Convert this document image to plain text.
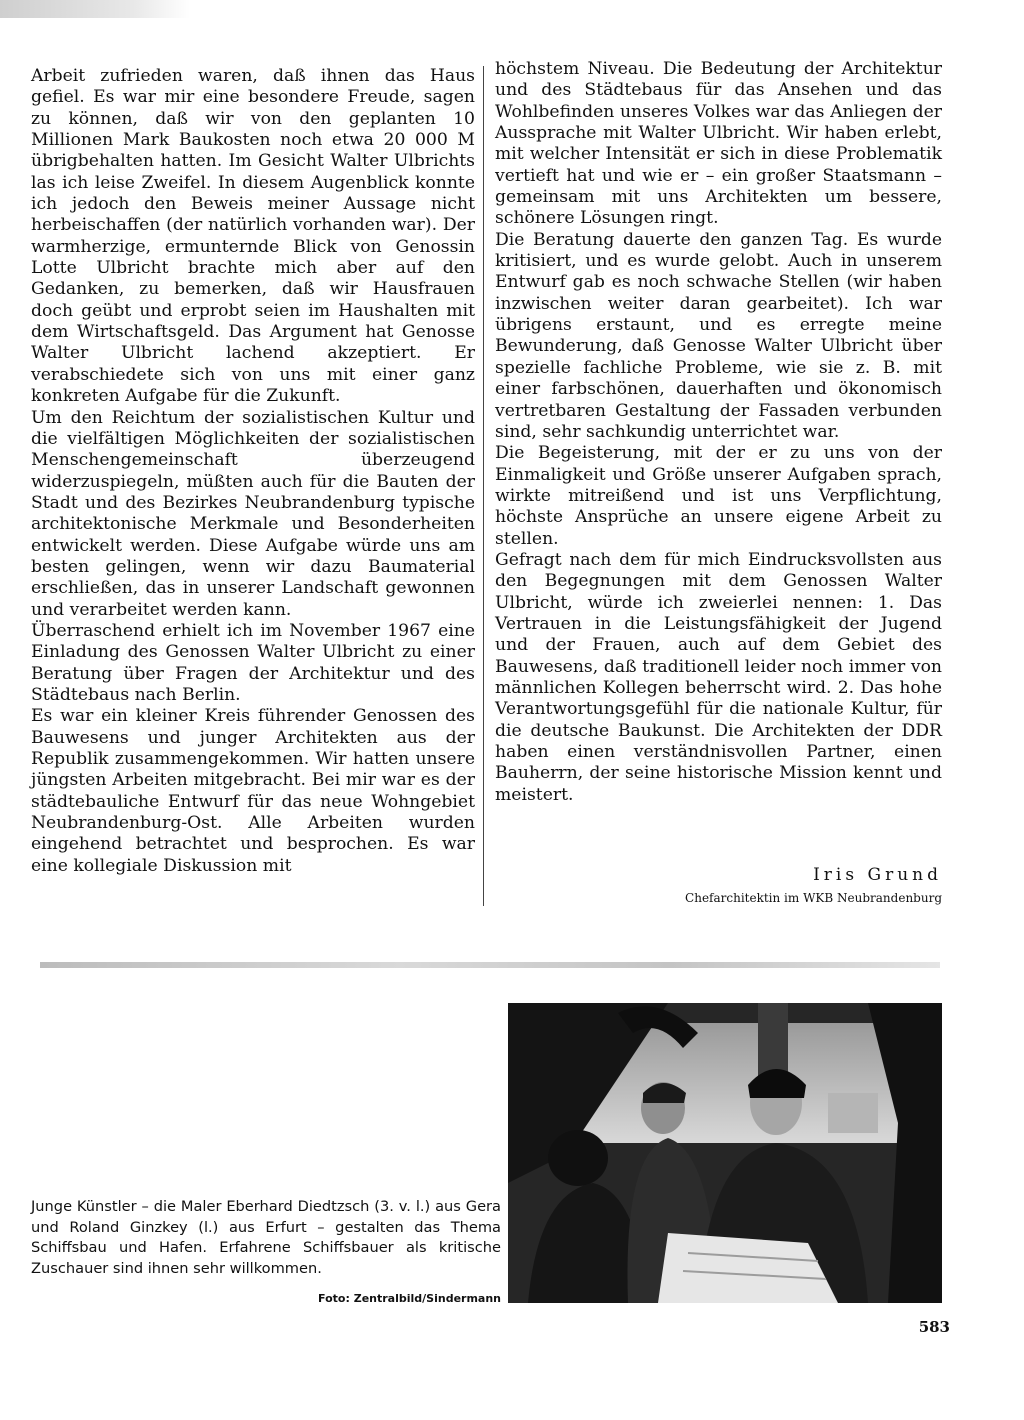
Arbeit zufrieden waren, daß ihnen das Haus gefiel. Es war mir eine besondere Freude, sagen zu können, daß wir von den geplanten 10 Millionen Mark Baukosten noch etwa 20 000 M übrigbehalten hatten. Im Gesicht Walter Ulbrichts las ich leise Zweifel. In diesem Augenblick konnte ich jedoch den Beweis meiner Aussage nicht herbeischaffen (der natürlich vorhanden war). Der warmherzige, ermunternde Blick von Genossin Lotte Ulbricht brachte mich aber auf den Gedanken, zu bemerken, daß wir Hausfrauen doch geübt und erprobt seien im Haushalten mit dem Wirtschaftsgeld. Das Argument hat Genosse Walter Ulbricht lachend akzeptiert. Er verabschiedete sich von uns mit einer ganz konkreten Aufgabe für die Zukunft.

Um den Reichtum der sozialistischen Kultur und die vielfältigen Möglichkeiten der sozialistischen Menschengemeinschaft überzeugend widerzuspiegeln, müßten auch für die Bauten der Stadt und des Bezirkes Neubrandenburg typische architektonische Merkmale und Besonderheiten entwickelt werden. Diese Aufgabe würde uns am besten gelingen, wenn wir dazu Baumaterial erschließen, das in unserer Landschaft gewonnen und verarbeitet werden kann.

Überraschend erhielt ich im November 1967 eine Einladung des Genossen Walter Ulbricht zu einer Beratung über Fragen der Architektur und des Städtebaus nach Berlin.

Es war ein kleiner Kreis führender Genossen des Bauwesens und junger Architekten aus der Republik zusammengekommen. Wir hatten unsere jüngsten Arbeiten mitgebracht. Bei mir war es der städtebauliche Entwurf für das neue Wohngebiet Neubrandenburg-Ost. Alle Arbeiten wurden eingehend betrachtet und besprochen. Es war eine kollegiale Diskussion mit

höchstem Niveau. Die Bedeutung der Architektur und des Städtebaus für das Ansehen und das Wohlbefinden unseres Volkes war das Anliegen der Aussprache mit Walter Ulbricht. Wir haben erlebt, mit welcher Intensität er sich in diese Problematik vertieft hat und wie er – ein großer Staatsmann – gemeinsam mit uns Architekten um bessere, schönere Lösungen ringt.

Die Beratung dauerte den ganzen Tag. Es wurde kritisiert, und es wurde gelobt. Auch in unserem Entwurf gab es noch schwache Stellen (wir haben inzwischen weiter daran gearbeitet). Ich war übrigens erstaunt, und es erregte meine Bewunderung, daß Genosse Walter Ulbricht über spezielle fachliche Probleme, wie sie z. B. mit einer farbschönen, dauerhaften und ökonomisch vertretbaren Gestaltung der Fassaden verbunden sind, sehr sachkundig unterrichtet war.

Die Begeisterung, mit der er zu uns von der Einmaligkeit und Größe unserer Aufgaben sprach, wirkte mitreißend und ist uns Verpflichtung, höchste Ansprüche an unsere eigene Arbeit zu stellen.

Gefragt nach dem für mich Eindrucksvollsten aus den Begegnungen mit dem Genossen Walter Ulbricht, würde ich zweierlei nennen: 1. Das Vertrauen in die Leistungsfähigkeit der Jugend und der Frauen, auch auf dem Gebiet des Bauwesens, daß traditionell leider noch immer von männlichen Kollegen beherrscht wird. 2. Das hohe Verantwortungsgefühl für die nationale Kultur, für die deutsche Baukunst. Die Architekten der DDR haben einen verständnisvollen Partner, einen Bauherrn, der seine historische Mission kennt und meistert.

Iris Grund
Chefarchitektin im WKB Neubrandenburg

Junge Künstler – die Maler Eberhard Diedtzsch (3. v. l.) aus Gera und Roland Ginzkey (l.) aus Erfurt – gestalten das Thema Schiffsbau und Hafen. Erfahrene Schiffsbauer als kritische Zuschauer sind ihnen sehr willkommen.

Foto: Zentralbild/Sindermann
583
